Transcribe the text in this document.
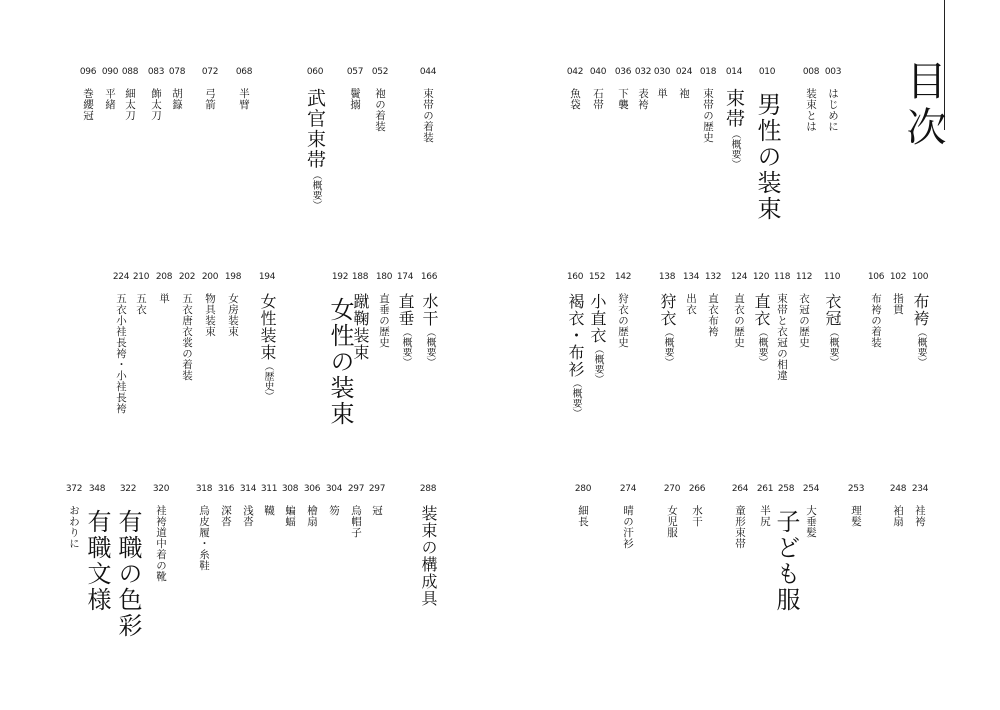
目次
003
はじめに
008
装束とは
010
男性の装束
014
束帯（概要）
018
束帯の歴史
024
袍
030
単
032
表袴
036
下襲
040
石帯
042
魚袋
044
束帯の着装
052
袍の着装
057
鬢搦
060
武官束帯（概要）
068
半臂
072
弓箭
078
胡籙
083
飾太刀
088
細太刀
090
平緒
096
巻纓冠
100
布袴（概要）
102
指貫
106
布袴の着装
110
衣冠（概要）
112
衣冠の歴史
118
束帯と衣冠の相違
120
直衣（概要）
124
直衣の歴史
132
直衣布袴
134
出衣
138
狩衣（概要）
142
狩衣の歴史
152
小直衣（概要）
160
褐衣・布衫（概要）
166
水干（概要）
174
直垂（概要）
180
直垂の歴史
188
蹴鞠装束
192
女性の装束
194
女性装束（歴史）
198
女房装束
200
物具装束
202
五衣唐衣裳の着装
208
単
210
五衣
224
五衣小袿長袴・小袿長袴
234
袿袴
248
袙扇
253
理髪
254
大垂髪
258
子ども服
261
半尻
264
童形束帯
266
水干
270
女児服
274
晴の汗衫
280
細長
288
装束の構成具
297
冠
297
烏帽子
304
笏
306
檜扇
308
蝙蝠
311
韈
314
浅沓
316
深沓
318
烏皮履・糸鞋
320
袿袴道中着の靴
322
有職の色彩
348
有職文様
372
おわりに
